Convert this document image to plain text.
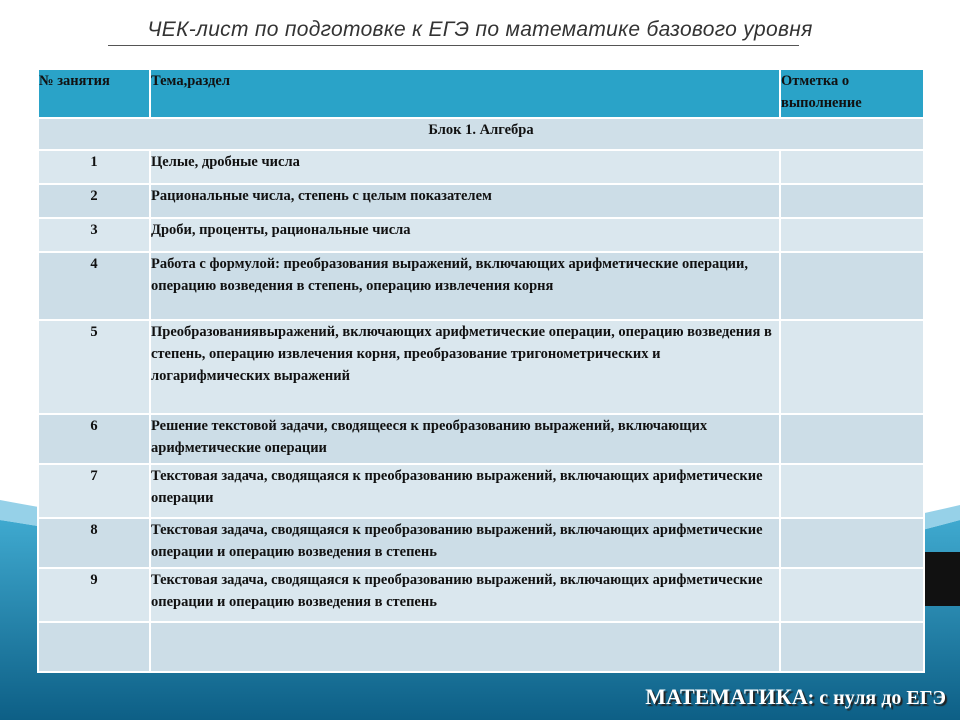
ЧЕК-лист по подготовке к ЕГЭ по математике базового уровня
№ занятия	Тема,раздел	Отметка о выполнение
Блок 1. Алгебра		
1	Целые, дробные числа	
2	Рациональные числа, степень с целым показателем	
3	Дроби, проценты, рациональные числа	
4	Работа с формулой: преобразования выражений, включающих арифметические операции, операцию возведения в степень, операцию извлечения корня	
5	Преобразованиявыражений, включающих арифметические операции, операцию возведения в степень, операцию извлечения корня, преобразование тригонометрических и логарифмических выражений	
6	Решение текстовой задачи, сводящееся к преобразованию выражений, включающих арифметические операции	
7	Текстовая задача, сводящаяся к преобразованию выражений, включающих арифметические операции	
8	Текстовая задача, сводящаяся к преобразованию выражений, включающих арифметические операции и операцию возведения в степень	
9	Текстовая задача, сводящаяся к преобразованию выражений, включающих арифметические операции и операцию возведения в степень	

МАТЕМАТИКА: с нуля до ЕГЭ
